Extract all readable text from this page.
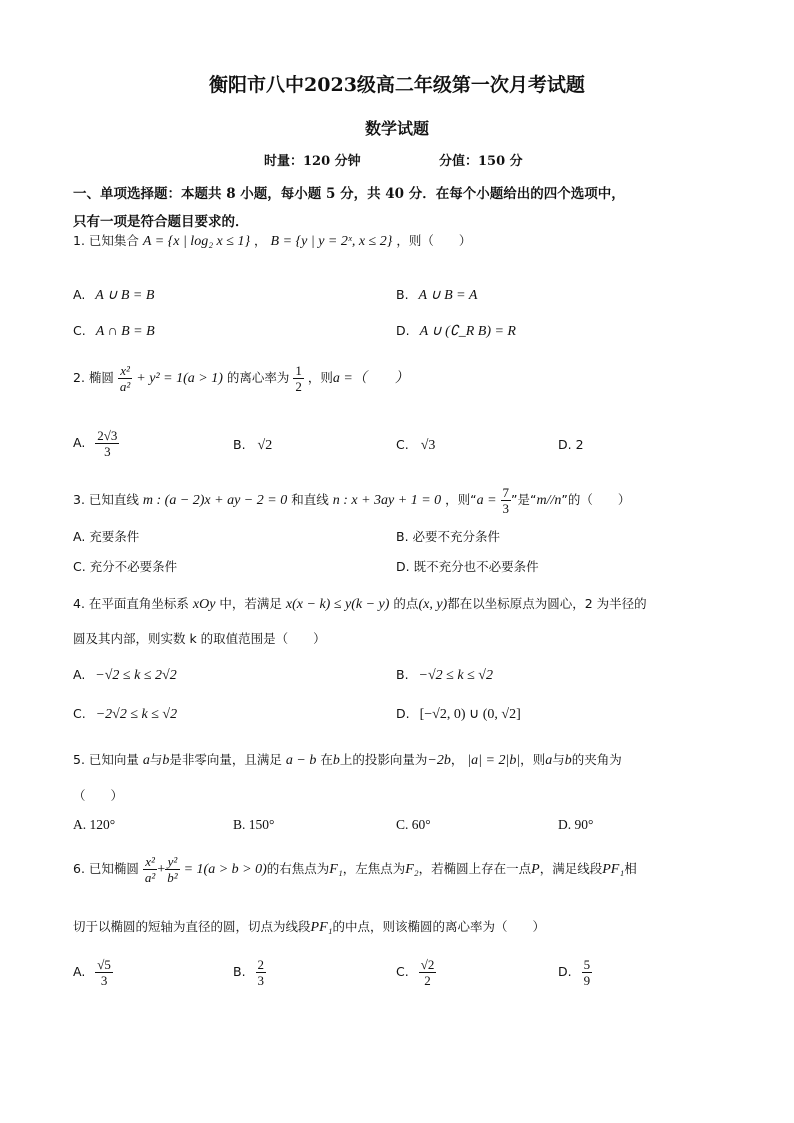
衡阳市八中2023级高二年级第一次月考试题
数学试题
时量：120 分钟	分值：150 分
一、单项选择题：本题共 8 小题，每小题 5 分，共 40 分．在每个小题给出的四个选项中，
只有一项是符合题目要求的．
1. 已知集合 A = {x | log₂ x ≤ 1} ， B = {y | y = 2ˣ, x ≤ 2} ，则（　　）
A. A ∪ B = B	B. A ∪ B = A
C. A ∩ B = B	D. A ∪ (∁_R B) = R
2. 椭圆 $\frac{\text{x²}}{\text{a²}} + y^2 = 1(a > 1)$ 的离心率为 $\frac{1}{2}$ ，则a =（　　）
A. $\frac{2√3}{3}$	B. √2	C. √3	D. 2
3. 已知直线 m : (a − 2)x + ay − 2 = 0 和直线 n : x + 3ay + 1 = 0 ，则“$a = \frac{7}{3}$ ”是“m//n”的（　　）
A. 充要条件	B. 必要不充分条件
C. 充分不必要条件	D. 既不充分也不必要条件
4. 在平面直角坐标系 xOy 中，若满足 x(x − k) ≤ y(k − y) 的点(x, y)都在以坐标原点为圆心，2 为半径的
圆及其内部，则实数 k 的取值范围是（　　）
A. −√2 ≤ k ≤ 2√2	B. −√2 ≤ k ≤ √2
C. −2√2 ≤ k ≤ √2	D. [−√2, 0) ∪ (0, √2]
5. 已知向量 a与b是非零向量，且满足 a − b 在b上的投影向量为−2b， |a| = 2|b|，则a与b的夹角为
（　　）
A. 120°	B. 150°	C. 60°	D. 90°
6. 已知椭圆 $\frac{\text{x²}}{\text{a²}} + \frac{\text{y²}}{\text{b²}} = 1(a > b > 0)$的右焦点为F₁，左焦点为F₂，若椭圆上存在一点P，满足线段PF₁相
切于以椭圆的短轴为直径的圆，切点为线段PF₁的中点，则该椭圆的离心率为（　　）
A. $\frac{√5}{3}$	B. $\frac{2}{3}$	C. $\frac{√2}{2}$	D. $\frac{5}{9}$
